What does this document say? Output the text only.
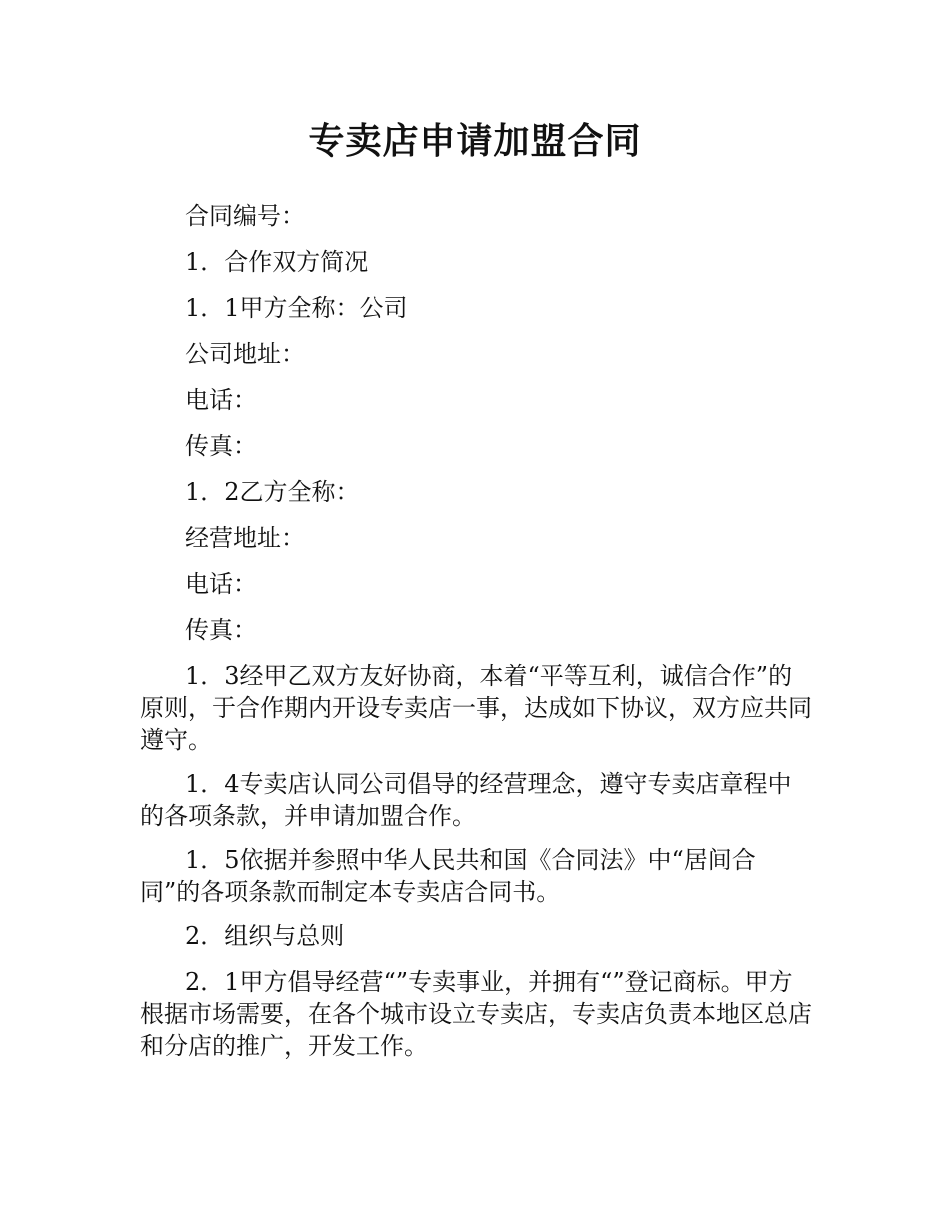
专卖店申请加盟合同

合同编号：

1．合作双方简况

1．1甲方全称：公司

公司地址：

电话：

传真：

1．2乙方全称：

经营地址：

电话：

传真：

1．3经甲乙双方友好协商，本着“平等互利，诚信合作”的原则，于合作期内开设专卖店一事，达成如下协议，双方应共同遵守。

1．4专卖店认同公司倡导的经营理念，遵守专卖店章程中的各项条款，并申请加盟合作。

1．5依据并参照中华人民共和国《合同法》中“居间合同”的各项条款而制定本专卖店合同书。

2．组织与总则

2．1甲方倡导经营“”专卖事业，并拥有“”登记商标。甲方根据市场需要，在各个城市设立专卖店，专卖店负责本地区总店和分店的推广，开发工作。
